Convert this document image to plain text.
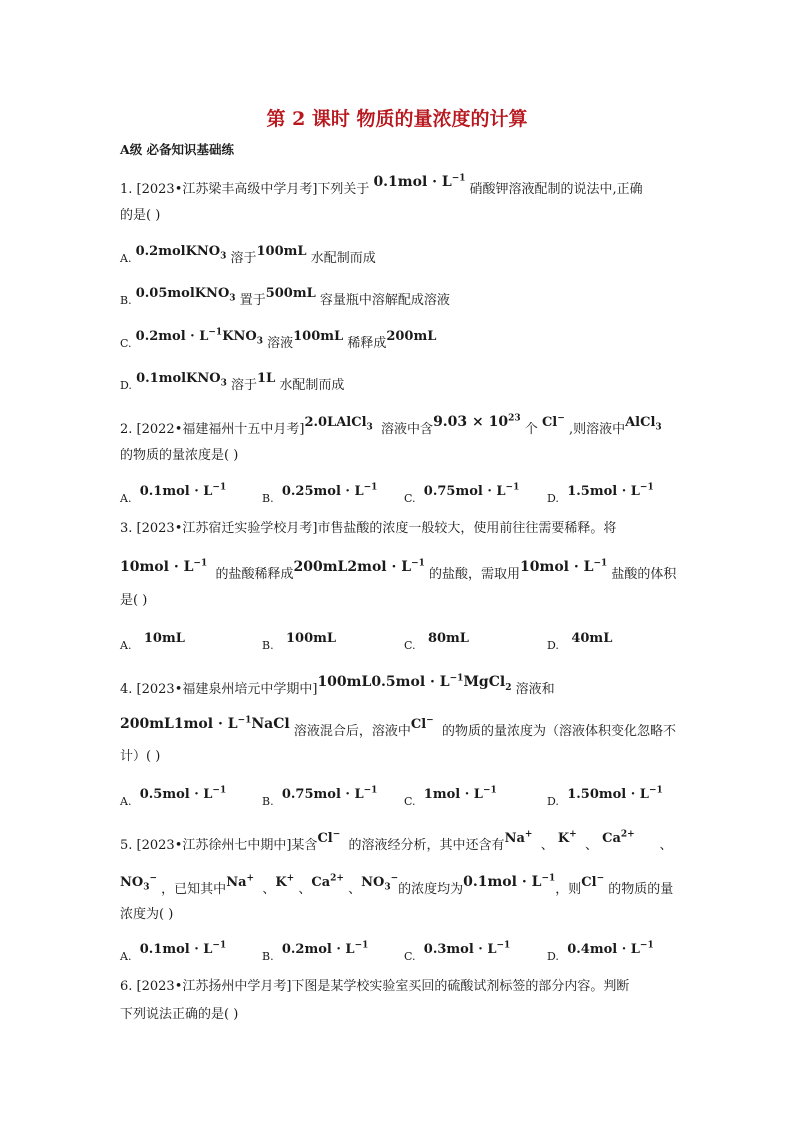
第 2 课时 物质的量浓度的计算
A级 必备知识基础练
1. [2023•江苏梁丰高级中学月考]下列关于 $0.1mol \cdot L^{-1}$硝酸钾溶液配制的说法中,正确
的是( )
A. 0.2molKNO$_3$ 溶于100mL 水配制而成
B. 0.05molKNO$_3$ 置于500mL 容量瓶中溶解配成溶液
C. $0.2mol \cdot L^{-1}KNO_3$ 溶液100mL 稀释成200mL
D. 0.1molKNO$_3$ 溶于1L 水配制而成
2. [2022•福建福州十五中月考]2.0LAlCl$_3$ 溶液中含$9.03 \times 10^{23}$ 个 Cl− ,则溶液中AlCl$_3$
的物质的量浓度是( )
A. $0.1mol \cdot L^{-1}$
B. $0.25mol \cdot L^{-1}$
C. $0.75mol \cdot L^{-1}$
D. $1.5mol \cdot L^{-1}$
3. [2023•江苏宿迁实验学校月考]市售盐酸的浓度一般较大，使用前往往需要稀释。将
$10mol \cdot L^{-1}$  的盐酸稀释成$200mL2mol \cdot L^{-1}$ 的盐酸，需取用$10mol \cdot L^{-1}$ 盐酸的体积
是( )
A. 10mL	B. 100mL	C. 80mL	D. 40mL
4. [2023•福建泉州培元中学期中]$100mL0.5mol \cdot L^{-1}MgCl_2$ 溶液和
$200mL1mol \cdot L^{-1}NaCl$ 溶液混合后，溶液中Cl−  的物质的量浓度为（溶液体积变化忽略不
计）( )
A. $0.5mol \cdot L^{-1}$
B. $0.75mol \cdot L^{-1}$
C. $1mol \cdot L^{-1}$
D. $1.50mol \cdot L^{-1}$
5. [2023•江苏徐州七中期中]某含Cl−  的溶液经分析，其中还含有Na+  、 K+  、 $Ca^{2+}$      、
$NO_3^-$ ，已知其中Na+  、K+ 、$Ca^{2+}$ 、$NO_3^-$的浓度均为$0.1mol \cdot L^{-1}$，则Cl− 的物质的量
浓度为( )
A. $0.1mol \cdot L^{-1}$
B. $0.2mol \cdot L^{-1}$
C. $0.3mol \cdot L^{-1}$
D. $0.4mol \cdot L^{-1}$
6. [2023•江苏扬州中学月考]下图是某学校实验室买回的硫酸试剂标签的部分内容。判断
下列说法正确的是( )
